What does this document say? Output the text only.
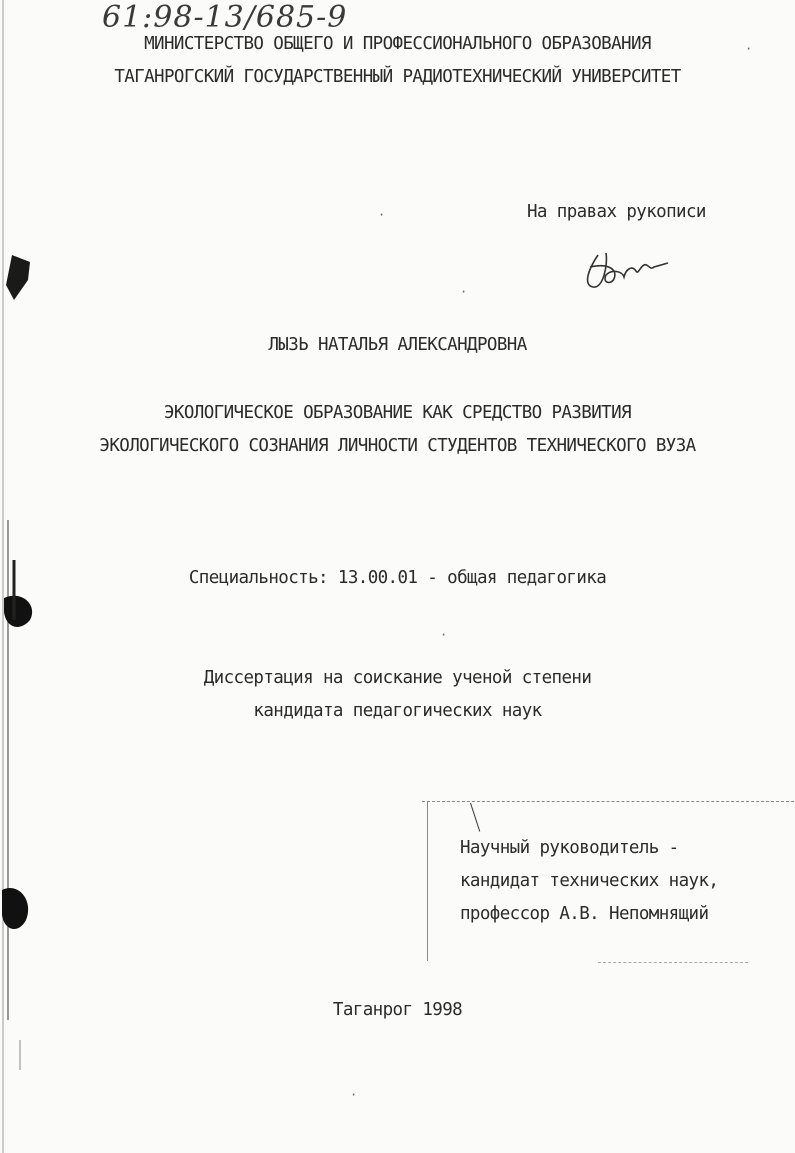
61:98-13/685-9
МИНИСТЕРСТВО ОБЩЕГО И ПРОФЕССИОНАЛЬНОГО ОБРАЗОВАНИЯ
ТАГАНРОГСКИЙ ГОСУДАРСТВЕННЫЙ РАДИОТЕХНИЧЕСКИЙ УНИВЕРСИТЕТ
На правах рукописи
ЛЫЗЬ НАТАЛЬЯ АЛЕКСАНДРОВНА
ЭКОЛОГИЧЕСКОЕ ОБРАЗОВАНИЕ КАК СРЕДСТВО РАЗВИТИЯ
ЭКОЛОГИЧЕСКОГО СОЗНАНИЯ ЛИЧНОСТИ СТУДЕНТОВ ТЕХНИЧЕСКОГО ВУЗА
Специальность: 13.00.01 - общая педагогика
Диссертация на соискание ученой степени
кандидата педагогических наук
Научный руководитель -
кандидат технических наук,
профессор А.В. Непомнящий
Таганрог 1998
·
·
·
·
·
